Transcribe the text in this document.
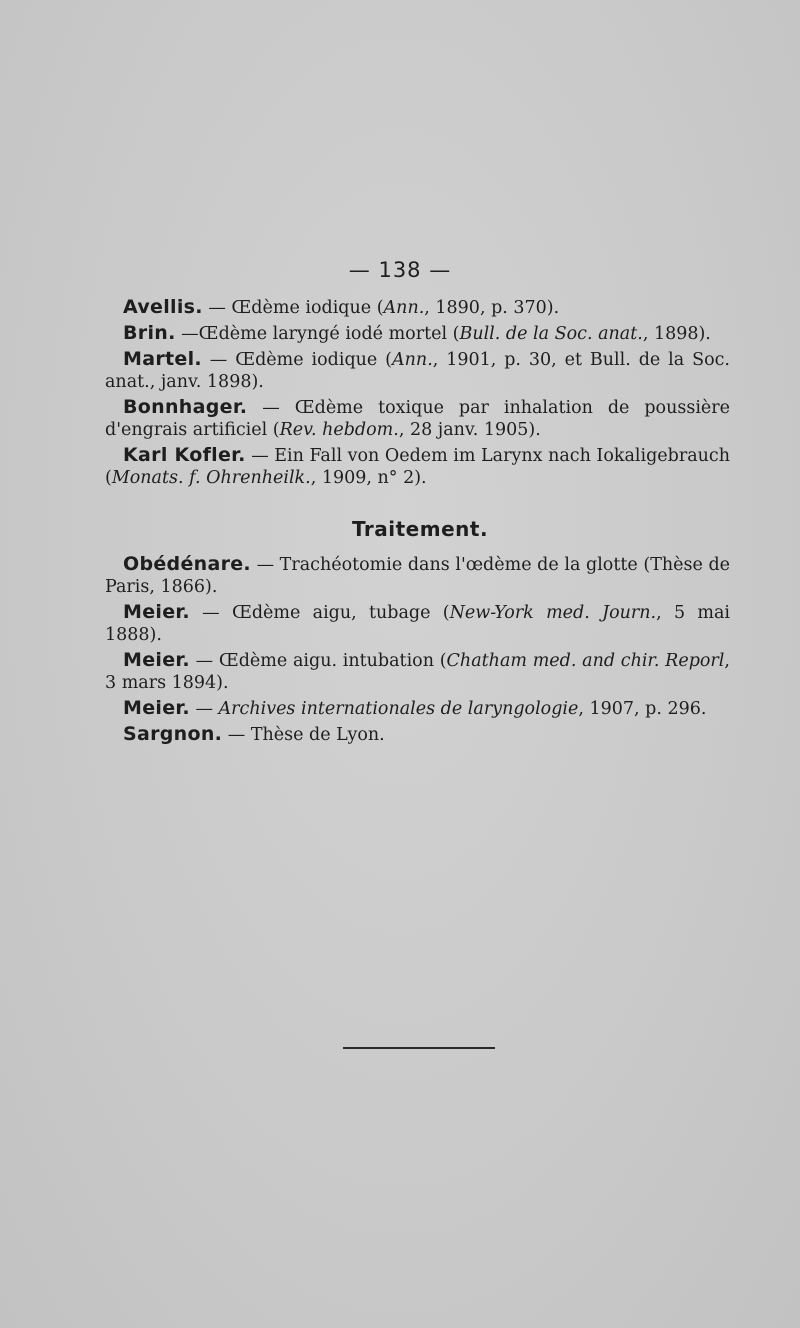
— 138 —
Avellis. — Œdème iodique (Ann., 1890, p. 370).
Brin. —Œdème laryngé iodé mortel (Bull. de la Soc. anat., 1898).
Martel. — Œdème iodique (Ann., 1901, p. 30, et Bull. de la Soc. anat., janv. 1898).
Bonnhager. — Œdème toxique par inhalation de poussière d'engrais artificiel (Rev. hebdom., 28 janv. 1905).
Karl Kofler. — Ein Fall von Oedem im Larynx nach Iokaligebrauch (Monats. f. Ohrenheilk., 1909, n° 2).
Traitement.
Obédénare. — Trachéotomie dans l'œdème de la glotte (Thèse de Paris, 1866).
Meier. — Œdème aigu, tubage (New-York med. Journ., 5 mai 1888).
Meier. — Œdème aigu. intubation (Chatham med. and chir. Reporl, 3 mars 1894).
Meier. — Archives internationales de laryngologie, 1907, p. 296.
Sargnon. — Thèse de Lyon.
